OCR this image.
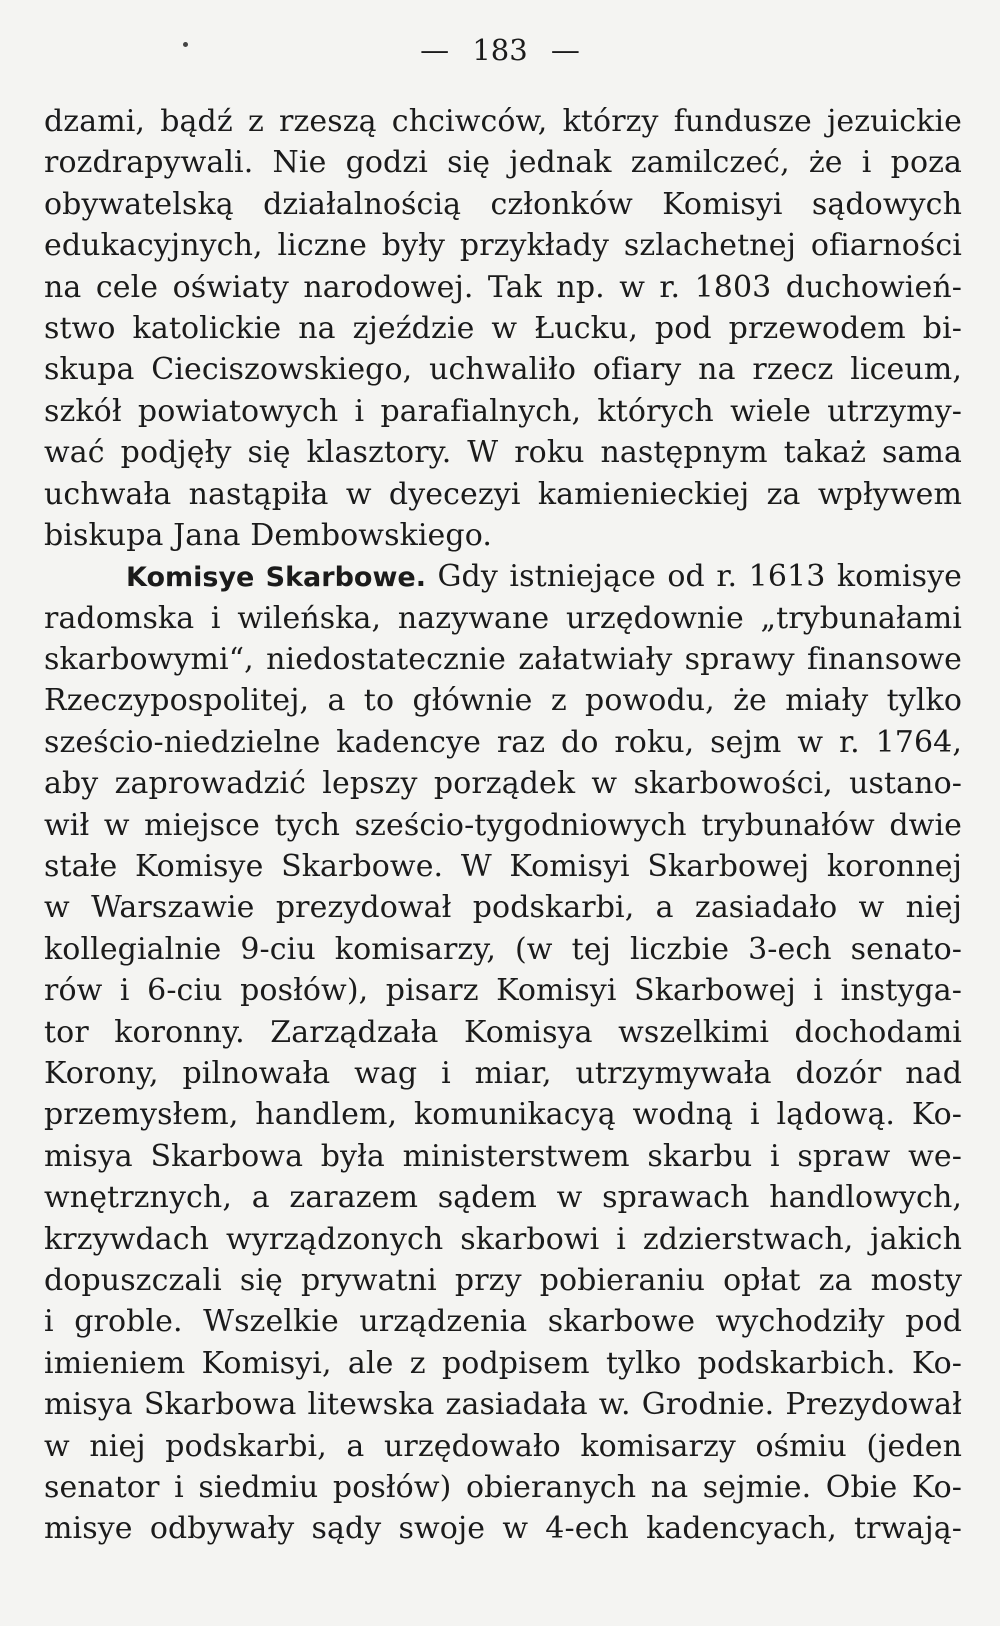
— 183 —
dzami, bądź z rzeszą chciwców, którzy fundusze jezuickie
rozdrapywali. Nie godzi się jednak zamilczeć, że i poza
obywatelską działalnością członków Komisyi sądowych
edukacyjnych, liczne były przykłady szlachetnej ofiarności
na cele oświaty narodowej. Tak np. w r. 1803 duchowień-
stwo katolickie na zjeździe w Łucku, pod przewodem bi-
skupa Cieciszowskiego, uchwaliło ofiary na rzecz liceum,
szkół powiatowych i parafialnych, których wiele utrzymy-
wać podjęły się klasztory. W roku następnym takaż sama
uchwała nastąpiła w dyecezyi kamienieckiej za wpływem
biskupa Jana Dembowskiego.
Komisye Skarbowe. Gdy istniejące od r. 1613 komisye
radomska i wileńska, nazywane urzędownie „trybunałami
skarbowymi“, niedostatecznie załatwiały sprawy finansowe
Rzeczypospolitej, a to głównie z powodu, że miały tylko
sześcio-niedzielne kadencye raz do roku, sejm w r. 1764,
aby zaprowadzić lepszy porządek w skarbowości, ustano-
wił w miejsce tych sześcio-tygodniowych trybunałów dwie
stałe Komisye Skarbowe. W Komisyi Skarbowej koronnej
w Warszawie prezydował podskarbi, a zasiadało w niej
kollegialnie 9-ciu komisarzy, (w tej liczbie 3-ech senato-
rów i 6-ciu posłów), pisarz Komisyi Skarbowej i instyga-
tor koronny. Zarządzała Komisya wszelkimi dochodami
Korony, pilnowała wag i miar, utrzymywała dozór nad
przemysłem, handlem, komunikacyą wodną i lądową. Ko-
misya Skarbowa była ministerstwem skarbu i spraw we-
wnętrznych, a zarazem sądem w sprawach handlowych,
krzywdach wyrządzonych skarbowi i zdzierstwach, jakich
dopuszczali się prywatni przy pobieraniu opłat za mosty
i groble. Wszelkie urządzenia skarbowe wychodziły pod
imieniem Komisyi, ale z podpisem tylko podskarbich. Ko-
misya Skarbowa litewska zasiadała w. Grodnie. Prezydował
w niej podskarbi, a urzędowało komisarzy ośmiu (jeden
senator i siedmiu posłów) obieranych na sejmie. Obie Ko-
misye odbywały sądy swoje w 4-ech kadencyach, trwają-
